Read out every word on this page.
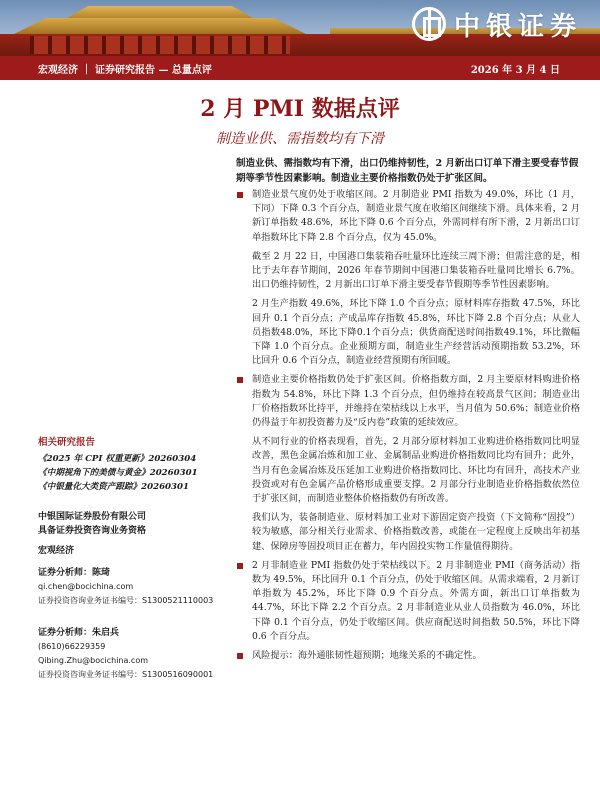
中银证券
宏观经济 ｜ 证券研究报告 — 总量点评	2026 年 3 月 4 日
2 月 PMI 数据点评
制造业供、需指数均有下滑
制造业供、需指数均有下滑，出口仍维持韧性，2 月新出口订单下滑主要受春节假期等季节性因素影响。制造业主要价格指数仍处于扩张区间。
制造业景气度仍处于收缩区间。2 月制造业 PMI 指数为 49.0%，环比（1 月，下同）下降 0.3 个百分点，制造业景气度在收缩区间继续下滑。具体来看，2 月新订单指数 48.6%，环比下降 0.6 个百分点，外需同样有所下滑，2 月新出口订单指数环比下降 2.8 个百分点，仅为 45.0%。
截至 2 月 22 日，中国港口集装箱吞吐量环比连续三周下滑；但需注意的是，相比于去年春节期间，2026 年春节期间中国港口集装箱吞吐量同比增长 6.7%。出口仍维持韧性，2 月新出口订单下滑主要受春节假期等季节性因素影响。
2 月生产指数 49.6%，环比下降 1.0 个百分点；原材料库存指数 47.5%，环比回升 0.1 个百分点；产成品库存指数 45.8%，环比下降 2.8 个百分点；从业人员指数48.0%，环比下降0.1个百分点；供货商配送时间指数49.1%，环比微幅下降 1.0 个百分点。企业预期方面，制造业生产经营活动预期指数 53.2%，环比回升 0.6 个百分点，制造业经营预期有所回暖。
制造业主要价格指数仍处于扩张区间。价格指数方面，2 月主要原材料购进价格指数为 54.8%，环比下降 1.3 个百分点，但仍维持在较高景气区间；制造业出厂价格指数环比持平，并维持在荣枯线以上水平，当月值为 50.6%；制造业价格仍得益于年初投资蓄力及“反内卷”政策的延续效应。
从不同行业的价格表现看，首先，2 月部分原材料加工业购进价格指数同比明显改善，黑色金属冶炼和加工业、金属制品业购进价格指数同比均有回升；此外，当月有色金属冶炼及压延加工业购进价格指数同比、环比均有回升，高技术产业投资或对有色金属产品价格形成重要支撑。2 月部分行业制造业价格指数依然位于扩张区间，而制造业整体价格指数仍有所改善。
我们认为，装备制造业、原材料加工业对下游固定资产投资（下文简称“固投”）较为敏感，部分相关行业需求、价格指数改善，或能在一定程度上反映出年初基建、保障房等固投项目正在蓄力，年内固投实物工作量值得期待。
2 月非制造业 PMI 指数仍处于荣枯线以下。2 月非制造业 PMI（商务活动）指数为 49.5%，环比回升 0.1 个百分点，仍处于收缩区间。从需求端看，2 月新订单指数为 45.2%，环比下降 0.9 个百分点。外需方面，新出口订单指数为 44.7%，环比下降 2.2 个百分点。2 月非制造业从业人员指数为 46.0%，环比下降 0.1 个百分点，仍处于收缩区间。供应商配送时间指数 50.5%，环比下降 0.6 个百分点。
风险提示：海外通胀韧性超预期；地缘关系的不确定性。
相关研究报告
《2025 年 CPI 权重更新》20260304
《中期视角下的美债与黄金》20260301
《中银量化大类资产跟踪》20260301
中银国际证券股份有限公司
具备证券投资咨询业务资格
宏观经济
证券分析师：陈琦
qi.chen@bocichina.com
证券投资咨询业务证书编号：S1300521110003
证券分析师：朱启兵
(8610)66229359
Qibing.Zhu@bocichina.com
证券投资咨询业务证书编号：S1300516090001
